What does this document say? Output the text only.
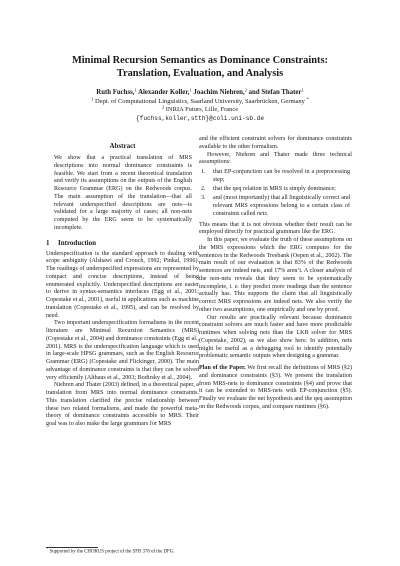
Minimal Recursion Semantics as Dominance Constraints:
Translation, Evaluation, and Analysis
Ruth Fuchss,$^1$ Alexander Koller,$^1$ Joachim Niehren,$^2$ and Stefan Thater$^1$
$^1$ Dept. of Computational Linguistics, Saarland University, Saarbrücken, Germany *
$^2$ INRIA Futurs, Lille, France
{fuchss,koller,stth}@coli.uni-sb.de
Abstract
We show that a practical translation of MRS descriptions into normal dominance constraints is feasible. We start from a recent theoretical translation and verify its assumptions on the outputs of the English Resource Grammar (ERG) on the Redwoods corpus. The main assumption of the translation—that all relevant underspecified descriptions are nets—is validated for a large majority of cases; all non-nets computed by the ERG seem to be systematically incomplete.
1 Introduction

Underspecification is the standard approach to dealing with scope ambiguity (Alshawi and Crouch, 1992; Pinkal, 1996). The readings of underspecified expressions are represented by compact and concise descriptions, instead of being enumerated explicitly. Underspecified descriptions are easier to derive in syntax-semantics interfaces (Egg et al., 2001; Copestake et al., 2001), useful in applications such as machine translation (Copestake et al., 1995), and can be resolved by need.

Two important underspecification formalisms in the recent literature are Minimal Recursion Semantics (MRS) (Copestake et al., 2004) and dominance constraints (Egg et al., 2001). MRS is the underspecification language which is used in large-scale HPSG grammars, such as the English Resource Grammar (ERG) (Copestake and Flickinger, 2000). The main advantage of dominance constraints is that they can be solved very efficiently (Althaus et al., 2003; Bodirsky et al., 2004).

Niehren and Thater (2003) defined, in a theoretical paper, a translation from MRS into normal dominance constraints. This translation clarified the precise relationship between these two related formalisms, and made the powerful meta-theory of dominance constraints accessible to MRS. Their goal was to also make the large grammars for MRS

and the efficient constraint solvers for dominance constraints available to the other formalism.

However, Niehren and Thater made three technical assumptions:

1.	that EP-conjunction can be resolved in a preprocessing step;
2.	that the qeq relation in MRS is simply dominance;
3.	and (most importantly) that all linguistically correct and relevant MRS expressions belong to a certain class of constraints called nets.

This means that it is not obvious whether their result can be employed directly for practical grammars like the ERG.

In this paper, we evaluate the truth of these assumptions on the MRS expressions which the ERG computes for the sentences in the Redwoods Treebank (Oepen et al., 2002). The main result of our evaluation is that 83% of the Redwoods sentences are indeed nets, and 17% aren’t. A closer analysis of the non-nets reveals that they seem to be systematically incomplete, i. e. they predict more readings than the sentence actually has. This supports the claim that all linguistically correct MRS expressions are indeed nets. We also verify the other two assumptions, one empirically and one by proof.

Our results are practically relevant because dominance constraint solvers are much faster and have more predictable runtimes when solving nets than the LKB solver for MRS (Copestake, 2002), as we also show here. In addition, nets might be useful as a debugging tool to identify potentially problematic semantic outputs when designing a grammar.

Plan of the Paper. We first recall the definitions of MRS (§2) and dominance constraints (§3). We present the translation from MRS-nets to dominance constraints (§4) and prove that it can be extended to MRS-nets with EP-conjunction (§5). Finally we evaluate the net hypothesis and the qeq assumption on the Redwoods corpus, and compare runtimes (§6).

* Supported by the CHORUS project of the SFB 378 of the DFG.
